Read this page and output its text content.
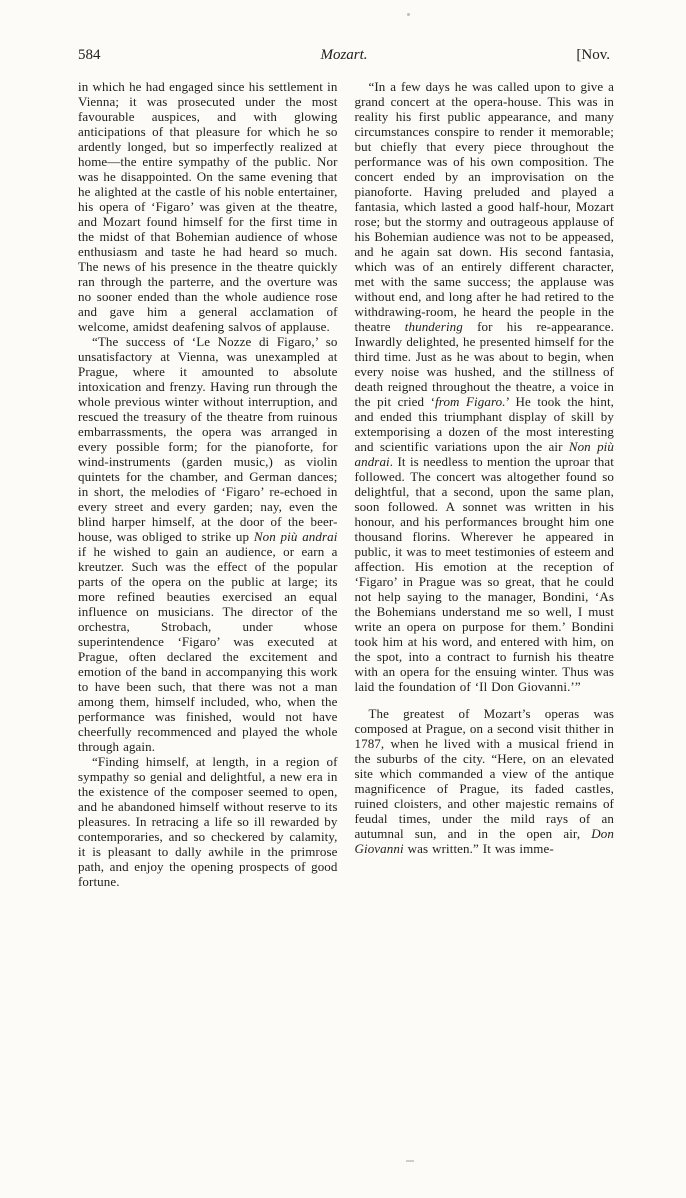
584	Mozart.	[Nov.

in which he had engaged since his settlement in Vienna; it was prosecuted under the most favourable auspices, and with glowing anticipations of that pleasure for which he so ardently longed, but so imperfectly realized at home—the entire sympathy of the public. Nor was he disappointed. On the same evening that he alighted at the castle of his noble entertainer, his opera of ‘Figaro’ was given at the theatre, and Mozart found himself for the first time in the midst of that Bohemian audience of whose enthusiasm and taste he had heard so much. The news of his presence in the theatre quickly ran through the parterre, and the overture was no sooner ended than the whole audience rose and gave him a general acclamation of welcome, amidst deafening salvos of applause.

“The success of ‘Le Nozze di Figaro,’ so unsatisfactory at Vienna, was unexampled at Prague, where it amounted to absolute intoxication and frenzy. Having run through the whole previous winter without interruption, and rescued the treasury of the theatre from ruinous embarrassments, the opera was arranged in every possible form; for the pianoforte, for wind-instruments (garden music,) as violin quintets for the chamber, and German dances; in short, the melodies of ‘Figaro’ re-echoed in every street and every garden; nay, even the blind harper himself, at the door of the beer-house, was obliged to strike up Non più andrai if he wished to gain an audience, or earn a kreutzer. Such was the effect of the popular parts of the opera on the public at large; its more refined beauties exercised an equal influence on musicians. The director of the orchestra, Strobach, under whose superintendence ‘Figaro’ was executed at Prague, often declared the excitement and emotion of the band in accompanying this work to have been such, that there was not a man among them, himself included, who, when the performance was finished, would not have cheerfully recommenced and played the whole through again.

“Finding himself, at length, in a region of sympathy so genial and delightful, a new era in the existence of the composer seemed to open, and he abandoned himself without reserve to its pleasures. In retracing a life so ill rewarded by contemporaries, and so checkered by calamity, it is pleasant to dally awhile in the primrose path, and enjoy the opening prospects of good fortune.

“In a few days he was called upon to give a grand concert at the opera-house. This was in reality his first public appearance, and many circumstances conspire to render it memorable; but chiefly that every piece throughout the performance was of his own composition. The concert ended by an improvisation on the pianoforte. Having preluded and played a fantasia, which lasted a good half-hour, Mozart rose; but the stormy and outrageous applause of his Bohemian audience was not to be appeased, and he again sat down. His second fantasia, which was of an entirely different character, met with the same success; the applause was without end, and long after he had retired to the withdrawing-room, he heard the people in the theatre thundering for his re-appearance. Inwardly delighted, he presented himself for the third time. Just as he was about to begin, when every noise was hushed, and the stillness of death reigned throughout the theatre, a voice in the pit cried ‘from Figaro.’ He took the hint, and ended this triumphant display of skill by extemporising a dozen of the most interesting and scientific variations upon the air Non più andrai. It is needless to mention the uproar that followed. The concert was altogether found so delightful, that a second, upon the same plan, soon followed. A sonnet was written in his honour, and his performances brought him one thousand florins. Wherever he appeared in public, it was to meet testimonies of esteem and affection. His emotion at the reception of ‘Figaro’ in Prague was so great, that he could not help saying to the manager, Bondini, ‘As the Bohemians understand me so well, I must write an opera on purpose for them.’ Bondini took him at his word, and entered with him, on the spot, into a contract to furnish his theatre with an opera for the ensuing winter. Thus was laid the foundation of ‘Il Don Giovanni.’”

The greatest of Mozart’s operas was composed at Prague, on a second visit thither in 1787, when he lived with a musical friend in the suburbs of the city. “Here, on an elevated site which commanded a view of the antique magnificence of Prague, its faded castles, ruined cloisters, and other majestic remains of feudal times, under the mild rays of an autumnal sun, and in the open air, Don Giovanni was written.” It was imme-
